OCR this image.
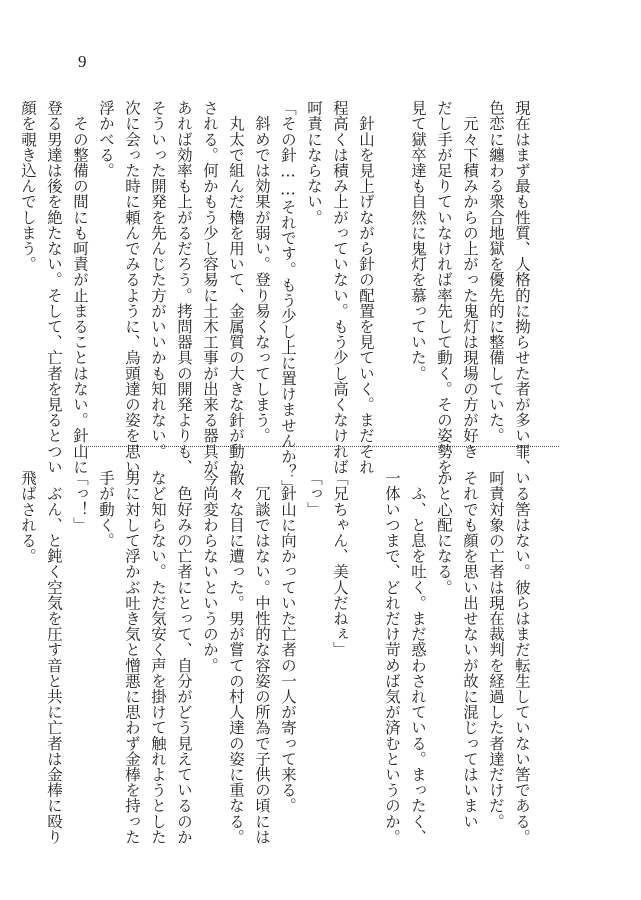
9
現在はまず最も性質、人格的に拗らせた者が多い罪、
色恋に纏わる衆合地獄を優先的に整備していた。
　元々下積みからの上がった鬼灯は現場の方が好き
だし手が足りていなければ率先して動く。その姿勢を
見て獄卒達も自然に鬼灯を慕っていた。

　針山を見上げながら針の配置を見ていく。まだそれ
程高くは積み上がっていない。もう少し高くなければ
呵責にならない。
「その針……それです。もう少し上に置けませんか？」
　斜めでは効果が弱い。登り易くなってしまう。
　丸太で組んだ櫓を用いて、金属質の大きな針が動か
される。何かもう少し容易に土木工事が出来る器具が
あれば効率も上がるだろう。拷問器具の開発よりも、
そういった開発を先んじた方がいいかも知れない。
次に会った時に頼んでみるように、烏頭達の姿を思い
浮かべる。
　その整備の間にも呵責が止まることはない。針山に
登る男達は後を絶たない。そして、亡者を見るとつい
顔を覗き込んでしまう。
いる筈はない。彼らはまだ転生していない筈である。
呵責対象の亡者は現在裁判を経過した者達だけだ。
それでも顔を思い出せないが故に混じってはいまい
かと心配になる。
　ふ、と息を吐く。まだ惑わされている。まったく、
一体いつまで、どれだけ苛めば気が済むというのか。

「兄ちゃん、美人だねぇ」
「っ」
　針山に向かっていた亡者の一人が寄って来る。
　冗談ではない。中性的な容姿の所為で子供の頃には
散々な目に遭った。男が嘗ての村人達の姿に重なる。
今尚変わらないというのか。
　色好みの亡者にとって、自分がどう見えているのか
など知らない。ただ気安く声を掛けて触れようとした
男に対して浮かぶ吐き気と憎悪に思わず金棒を持った
手が動く。
「っ！」
　ぶん、と鈍く空気を圧す音と共に亡者は金棒に殴り
飛ばされる。
